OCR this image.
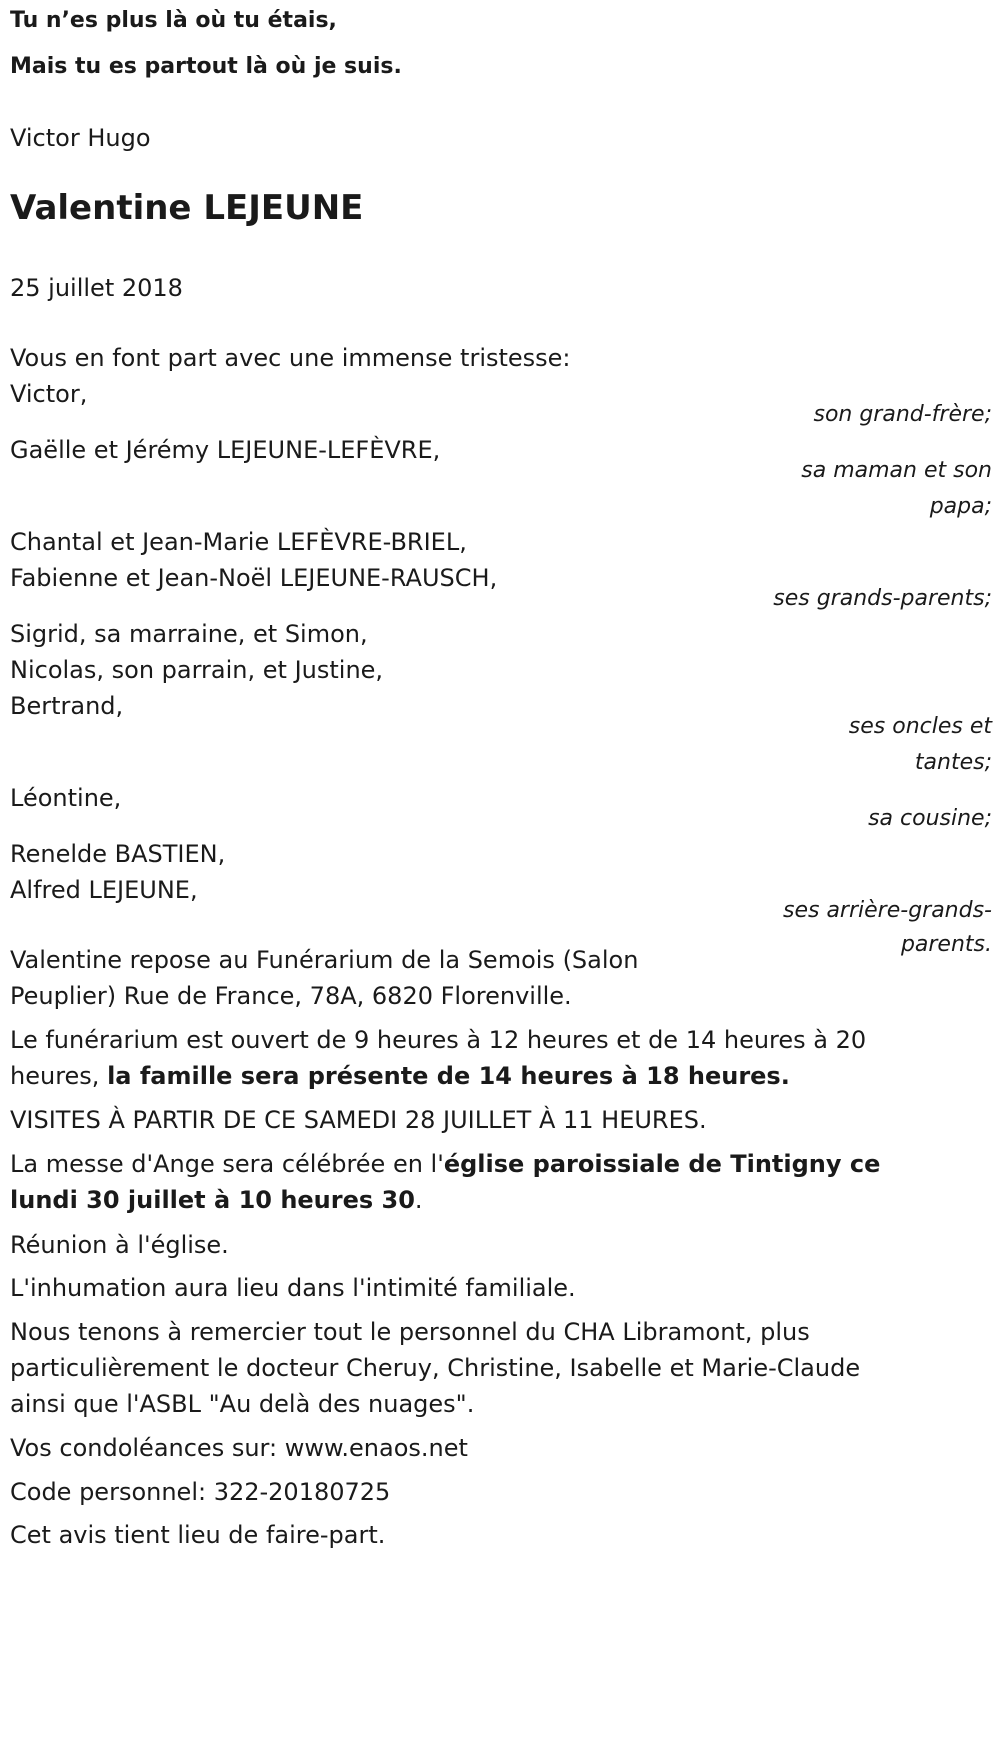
Tu n’es plus là où tu étais,
Mais tu es partout là où je suis.
Victor Hugo
Valentine LEJEUNE
25 juillet 2018
Vous en font part avec une immense tristesse:
Victor,
son grand-frère;
Gaëlle et Jérémy LEJEUNE-LEFÈVRE,
sa maman et son
papa;
Chantal et Jean-Marie LEFÈVRE-BRIEL,
Fabienne et Jean-Noël LEJEUNE-RAUSCH,
ses grands-parents;
Sigrid, sa marraine, et Simon,
Nicolas, son parrain, et Justine,
Bertrand,
ses oncles et
tantes;
Léontine,
sa cousine;
Renelde BASTIEN,
Alfred LEJEUNE,
ses arrière-grands-
parents.
Valentine repose au Funérarium de la Semois (Salon
Peuplier) Rue de France, 78A, 6820 Florenville.
Le funérarium est ouvert de 9 heures à 12 heures et de 14 heures à 20
heures, la famille sera présente de 14 heures à 18 heures.
VISITES À PARTIR DE CE SAMEDI 28 JUILLET À 11 HEURES.
La messe d'Ange sera célébrée en l'église paroissiale de Tintigny ce
lundi 30 juillet à 10 heures 30.
Réunion à l'église.
L'inhumation aura lieu dans l'intimité familiale.
Nous tenons à remercier tout le personnel du CHA Libramont, plus
particulièrement le docteur Cheruy, Christine, Isabelle et Marie-Claude
ainsi que l'ASBL "Au delà des nuages".
Vos condoléances sur: www.enaos.net
Code personnel: 322-20180725
Cet avis tient lieu de faire-part.
